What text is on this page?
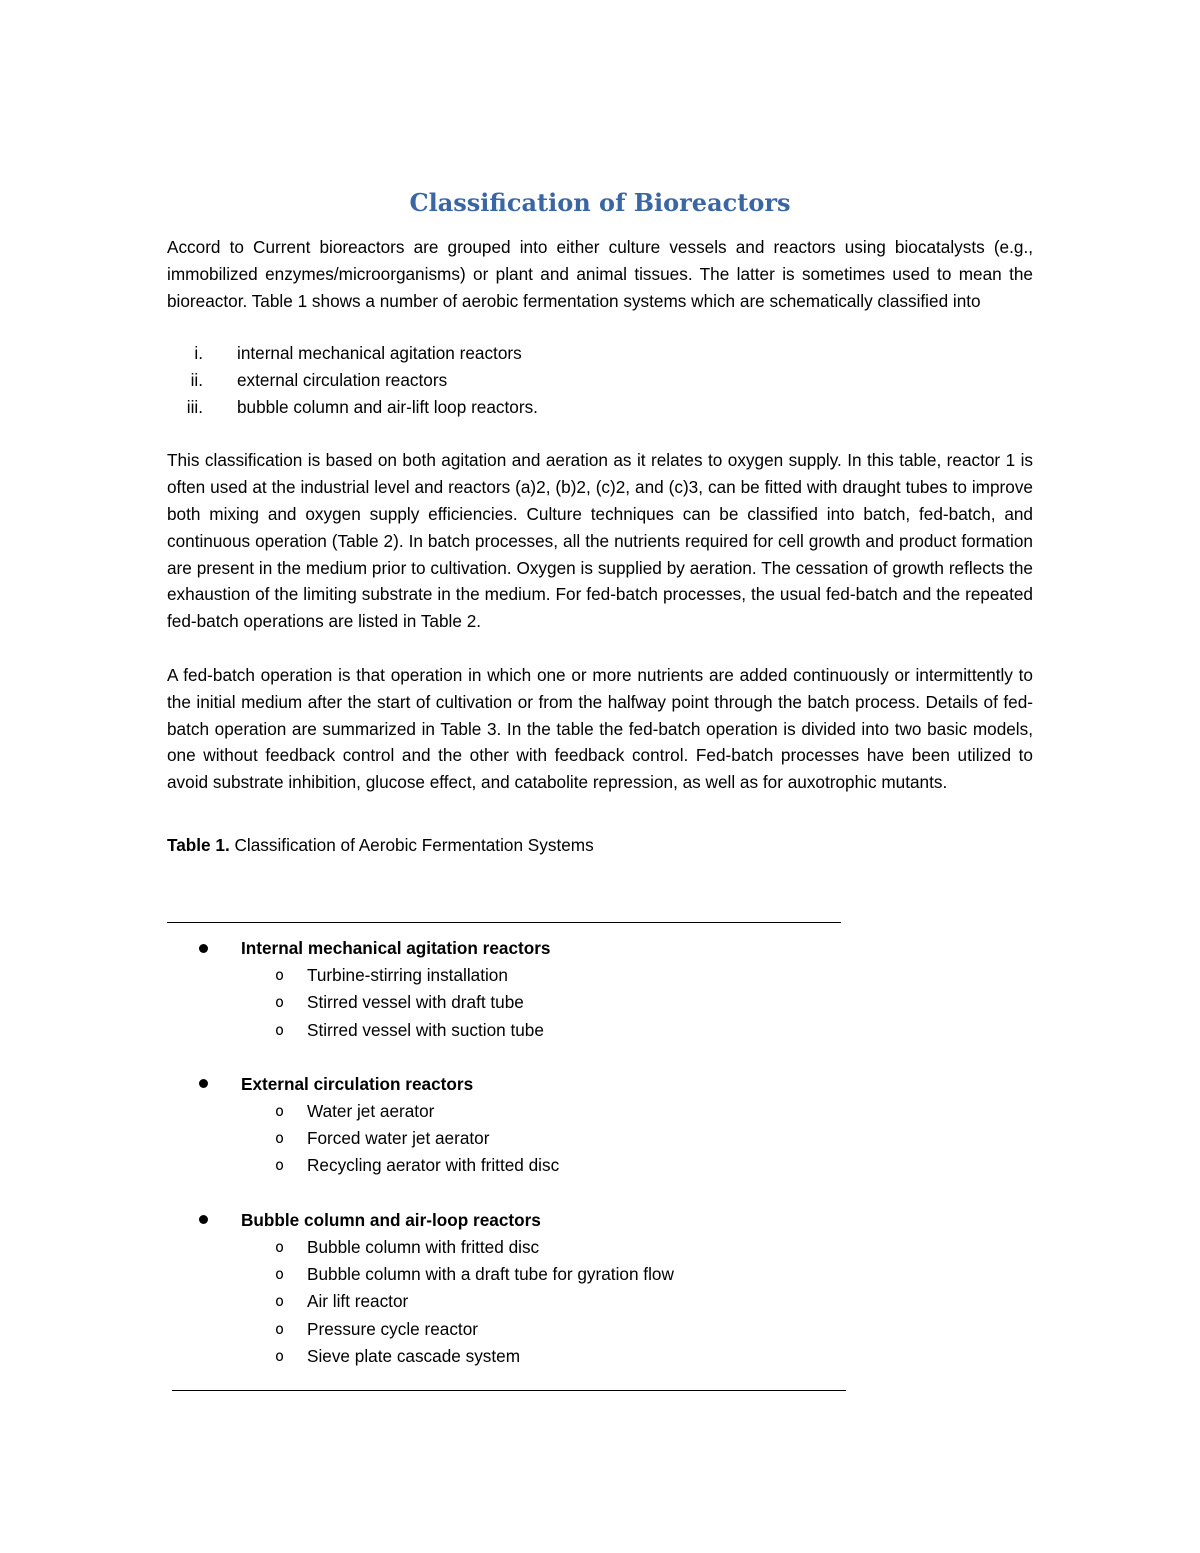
Classification of Bioreactors

Accord to Current bioreactors are grouped into either culture vessels and reactors using biocatalysts (e.g., immobilized enzymes/microorganisms) or plant and animal tissues. The latter is sometimes used to mean the bioreactor. Table 1 shows a number of aerobic fermentation systems which are schematically classified into

i.	internal mechanical agitation reactors
ii.	external circulation reactors
iii.	bubble column and air-lift loop reactors.

This classification is based on both agitation and aeration as it relates to oxygen supply. In this table, reactor 1 is often used at the industrial level and reactors (a)2, (b)2, (c)2, and (c)3, can be fitted with draught tubes to improve both mixing and oxygen supply efficiencies. Culture techniques can be classified into batch, fed-batch, and continuous operation (Table 2). In batch processes, all the nutrients required for cell growth and product formation are present in the medium prior to cultivation. Oxygen is supplied by aeration. The cessation of growth reflects the exhaustion of the limiting substrate in the medium. For fed-batch processes, the usual fed-batch and the repeated fed-batch operations are listed in Table 2.

A fed-batch operation is that operation in which one or more nutrients are added continuously or intermittently to the initial medium after the start of cultivation or from the halfway point through the batch process. Details of fed-batch operation are summarized in Table 3. In the table the fed-batch operation is divided into two basic models, one without feedback control and the other with feedback control. Fed-batch processes have been utilized to avoid substrate inhibition, glucose effect, and catabolite repression, as well as for auxotrophic mutants.

Table 1. Classification of Aerobic Fermentation Systems
Internal mechanical agitation reactors
o	Turbine-stirring installation
o	Stirred vessel with draft tube
o	Stirred vessel with suction tube
External circulation reactors
o	Water jet aerator
o	Forced water jet aerator
o	Recycling aerator with fritted disc
Bubble column and air-loop reactors
o	Bubble column with fritted disc
o	Bubble column with a draft tube for gyration flow
o	Air lift reactor
o	Pressure cycle reactor
o	Sieve plate cascade system
